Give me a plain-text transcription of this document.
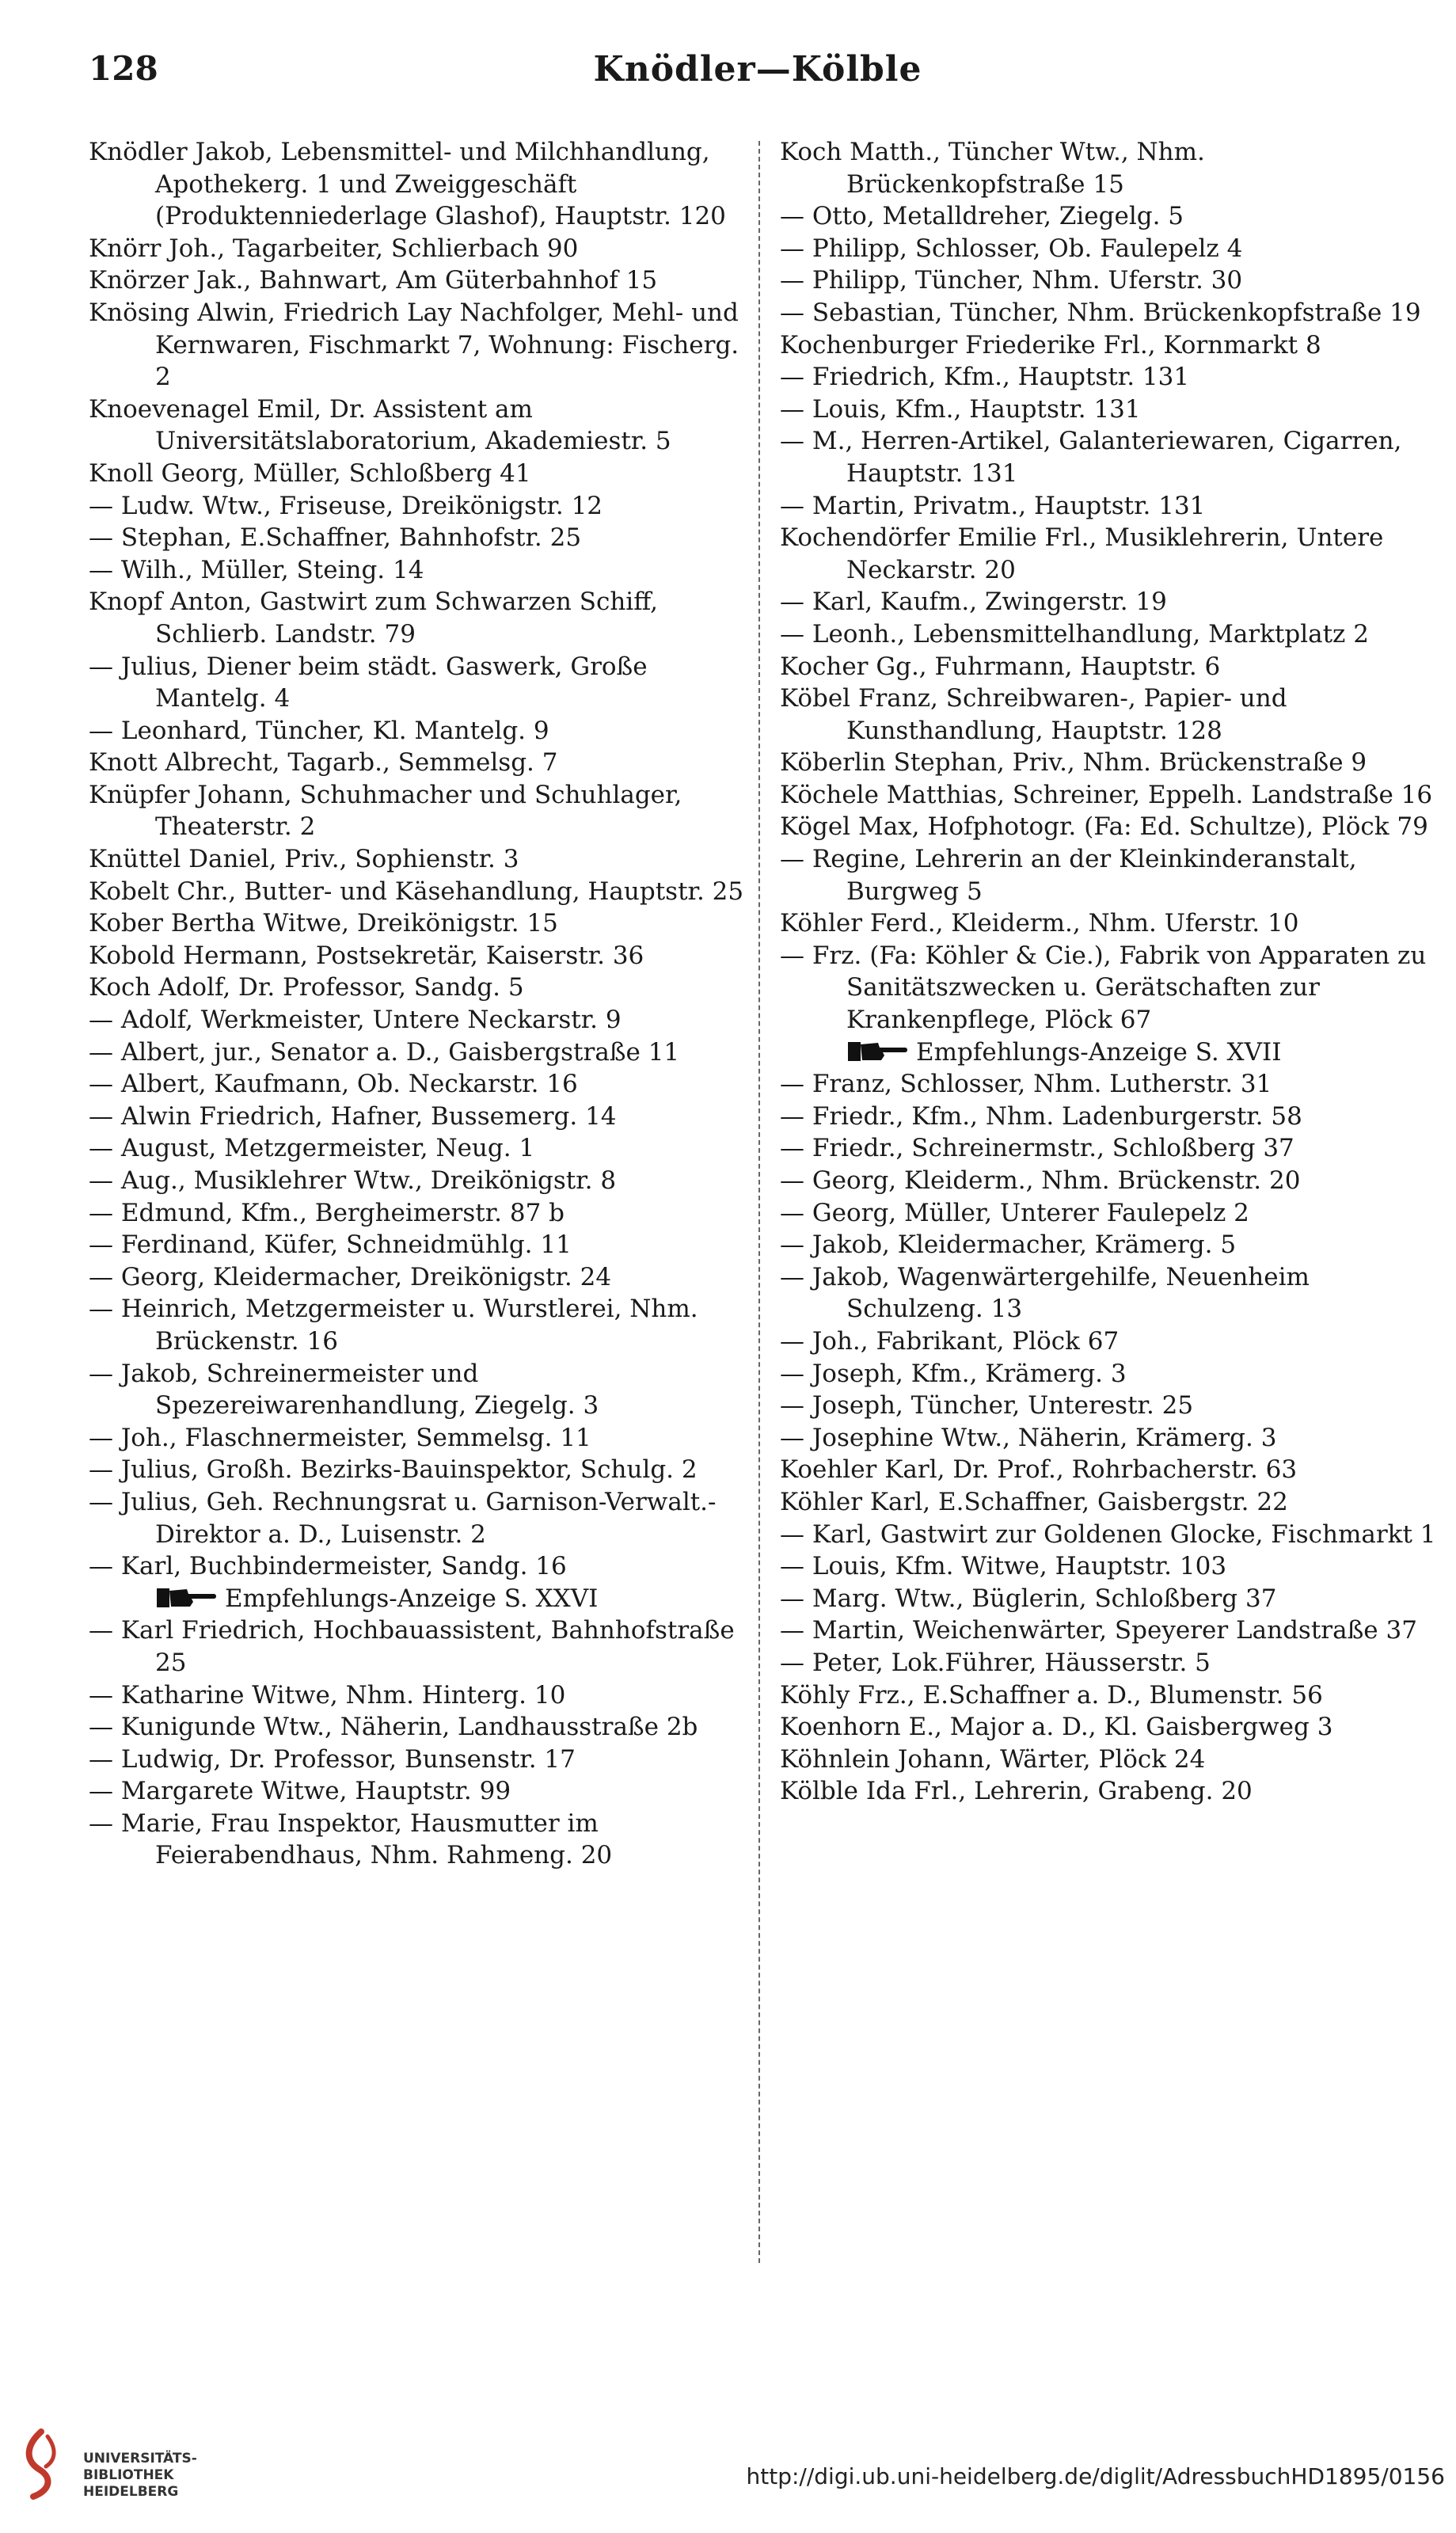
128	Knödler—Kölble
Knödler Jakob, Lebensmittel- und Milchhandlung, Apothekerg. 1 und Zweiggeschäft (Produktenniederlage Glashof), Hauptstr. 120
Knörr Joh., Tagarbeiter, Schlierbach 90
Knörzer Jak., Bahnwart, Am Güterbahnhof 15
Knösing Alwin, Friedrich Lay Nachfolger, Mehl- und Kernwaren, Fischmarkt 7, Wohnung: Fischerg. 2
Knoevenagel Emil, Dr. Assistent am Universitätslaboratorium, Akademiestr. 5
Knoll Georg, Müller, Schloßberg 41
— Ludw. Wtw., Friseuse, Dreikönigstr. 12
— Stephan, E.Schaffner, Bahnhofstr. 25
— Wilh., Müller, Steing. 14
Knopf Anton, Gastwirt zum Schwarzen Schiff, Schlierb. Landstr. 79
— Julius, Diener beim städt. Gaswerk, Große Mantelg. 4
— Leonhard, Tüncher, Kl. Mantelg. 9
Knott Albrecht, Tagarb., Semmelsg. 7
Knüpfer Johann, Schuhmacher und Schuhlager, Theaterstr. 2
Knüttel Daniel, Priv., Sophienstr. 3
Kobelt Chr., Butter- und Käsehandlung, Hauptstr. 25
Kober Bertha Witwe, Dreikönigstr. 15
Kobold Hermann, Postsekretär, Kaiserstr. 36
Koch Adolf, Dr. Professor, Sandg. 5
— Adolf, Werkmeister, Untere Neckarstr. 9
— Albert, jur., Senator a. D., Gaisbergstraße 11
— Albert, Kaufmann, Ob. Neckarstr. 16
— Alwin Friedrich, Hafner, Bussemerg. 14
— August, Metzgermeister, Neug. 1
— Aug., Musiklehrer Wtw., Dreikönigstr. 8
— Edmund, Kfm., Bergheimerstr. 87 b
— Ferdinand, Küfer, Schneidmühlg. 11
— Georg, Kleidermacher, Dreikönigstr. 24
— Heinrich, Metzgermeister u. Wurstlerei, Nhm. Brückenstr. 16
— Jakob, Schreinermeister und Spezereiwarenhandlung, Ziegelg. 3
— Joh., Flaschnermeister, Semmelsg. 11
— Julius, Großh. Bezirks-Bauinspektor, Schulg. 2
— Julius, Geh. Rechnungsrat u. Garnison-Verwalt.-Direktor a. D., Luisenstr. 2
— Karl, Buchbindermeister, Sandg. 16
Empfehlungs-Anzeige S. XXVI
— Karl Friedrich, Hochbauassistent, Bahnhofstraße 25
— Katharine Witwe, Nhm. Hinterg. 10
— Kunigunde Wtw., Näherin, Landhausstraße 2b
— Ludwig, Dr. Professor, Bunsenstr. 17
— Margarete Witwe, Hauptstr. 99
— Marie, Frau Inspektor, Hausmutter im Feierabendhaus, Nhm. Rahmeng. 20
Koch Matth., Tüncher Wtw., Nhm. Brückenkopfstraße 15
— Otto, Metalldreher, Ziegelg. 5
— Philipp, Schlosser, Ob. Faulepelz 4
— Philipp, Tüncher, Nhm. Uferstr. 30
— Sebastian, Tüncher, Nhm. Brückenkopfstraße 19
Kochenburger Friederike Frl., Kornmarkt 8
— Friedrich, Kfm., Hauptstr. 131
— Louis, Kfm., Hauptstr. 131
— M., Herren-Artikel, Galanteriewaren, Cigarren, Hauptstr. 131
— Martin, Privatm., Hauptstr. 131
Kochendörfer Emilie Frl., Musiklehrerin, Untere Neckarstr. 20
— Karl, Kaufm., Zwingerstr. 19
— Leonh., Lebensmittelhandlung, Marktplatz 2
Kocher Gg., Fuhrmann, Hauptstr. 6
Köbel Franz, Schreibwaren-, Papier- und Kunsthandlung, Hauptstr. 128
Köberlin Stephan, Priv., Nhm. Brückenstraße 9
Köchele Matthias, Schreiner, Eppelh. Landstraße 16
Kögel Max, Hofphotogr. (Fa: Ed. Schultze), Plöck 79
— Regine, Lehrerin an der Kleinkinderanstalt, Burgweg 5
Köhler Ferd., Kleiderm., Nhm. Uferstr. 10
— Frz. (Fa: Köhler & Cie.), Fabrik von Apparaten zu Sanitätszwecken u. Gerätschaften zur Krankenpflege, Plöck 67
Empfehlungs-Anzeige S. XVII
— Franz, Schlosser, Nhm. Lutherstr. 31
— Friedr., Kfm., Nhm. Ladenburgerstr. 58
— Friedr., Schreinermstr., Schloßberg 37
— Georg, Kleiderm., Nhm. Brückenstr. 20
— Georg, Müller, Unterer Faulepelz 2
— Jakob, Kleidermacher, Krämerg. 5
— Jakob, Wagenwärtergehilfe, Neuenheim Schulzeng. 13
— Joh., Fabrikant, Plöck 67
— Joseph, Kfm., Krämerg. 3
— Joseph, Tüncher, Unterestr. 25
— Josephine Wtw., Näherin, Krämerg. 3
Koehler Karl, Dr. Prof., Rohrbacherstr. 63
Köhler Karl, E.Schaffner, Gaisbergstr. 22
— Karl, Gastwirt zur Goldenen Glocke, Fischmarkt 1
— Louis, Kfm. Witwe, Hauptstr. 103
— Marg. Wtw., Büglerin, Schloßberg 37
— Martin, Weichenwärter, Speyerer Landstraße 37
— Peter, Lok.Führer, Häusserstr. 5
Köhly Frz., E.Schaffner a. D., Blumenstr. 56
Koenhorn E., Major a. D., Kl. Gaisbergweg 3
Köhnlein Johann, Wärter, Plöck 24
Kölble Ida Frl., Lehrerin, Grabeng. 20
UNIVERSITÄTS-
BIBLIOTHEK
HEIDELBERG
http://digi.ub.uni-heidelberg.de/diglit/AdressbuchHD1895/0156
